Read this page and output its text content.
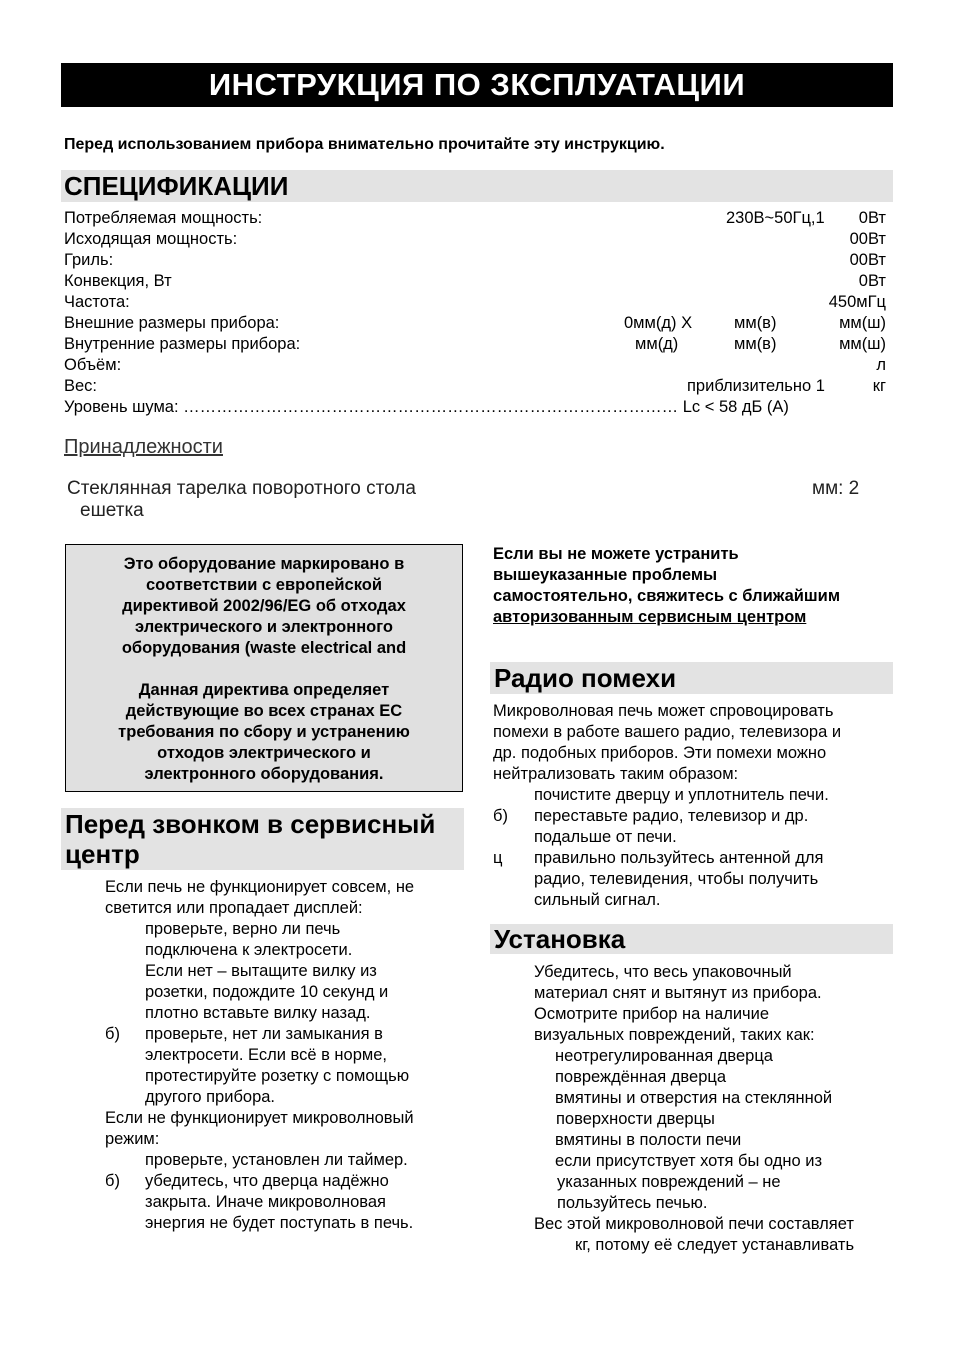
ИНСТРУКЦИЯ ПО ЗКСПЛУАТАЦИИ
Перед использованием прибора внимательно прочитайте эту инструкцию.
СПЕЦИФИКАЦИИ
Потребляемая мощность:	230В~50Гц,1 0Вт
Исходящая мощность:	00Вт
Гриль:	00Вт
Конвекция, Вт	0Вт
Частота:	450мГц
Внешние размеры прибора:	0мм(д) X	мм(в)	мм(ш)
Внутренние размеры прибора:	мм(д)	мм(в)	мм(ш)
Объём:	л
Вес:	приблизительно 1	кг
Уровень шума: ……………………………………………………………………………… Lc < 58 дБ (А)
Принадлежности
Стеклянная тарелка поворотного стола	мм: 2
ешетка

Это оборудование маркировано в
соответствии с европейской
директивой 2002/96/EG об отходах
электрического и электронного
оборудования (waste electrical and

Данная директива определяет
действующие во всех странах ЕС
требования по сбору и устранению
отходов электрического и
электронного оборудования.

Перед звонком в сервисный
центр
Если печь не функционирует совсем, не
светится или пропадает дисплей:
проверьте, верно ли печь
подключена к электросети.
Если нет – вытащите вилку из
розетки, подождите 10 секунд и
плотно вставьте вилку назад.
б) проверьте, нет ли замыкания в
электросети. Если всё в норме,
протестируйте розетку с помощью
другого прибора.
Если не функционирует микроволновый
режим:
проверьте, установлен ли таймер.
б) убедитесь, что дверца надёжно
закрыта. Иначе микроволновая
энергия не будет поступать в печь.
Если вы не можете устранить
вышеуказанные проблемы
самостоятельно, свяжитесь с ближайшим
авторизованным сервисным центром
Радио помехи
Микроволновая печь может спровоцировать
помехи в работе вашего радио, телевизора и
др. подобных приборов. Эти помехи можно
нейтрализовать таким образом:
почистите дверцу и уплотнитель печи.
б) переставьте радио, телевизор и др.
подальше от печи.
ц правильно пользуйтесь антенной для
радио, телевидения, чтобы получить
сильный сигнал.
Установка
Убедитесь, что весь упаковочный
материал снят и вытянут из прибора.
Осмотрите прибор на наличие
визуальных повреждений, таких как:
неотрегулированная дверца
повреждённая дверца
вмятины и отверстия на стеклянной
поверхности дверцы
вмятины в полости печи
если присутствует хотя бы одно из
указанных повреждений – не
пользуйтесь печью.
Вес этой микроволновой печи составляет
кг, потому её следует устанавливать
